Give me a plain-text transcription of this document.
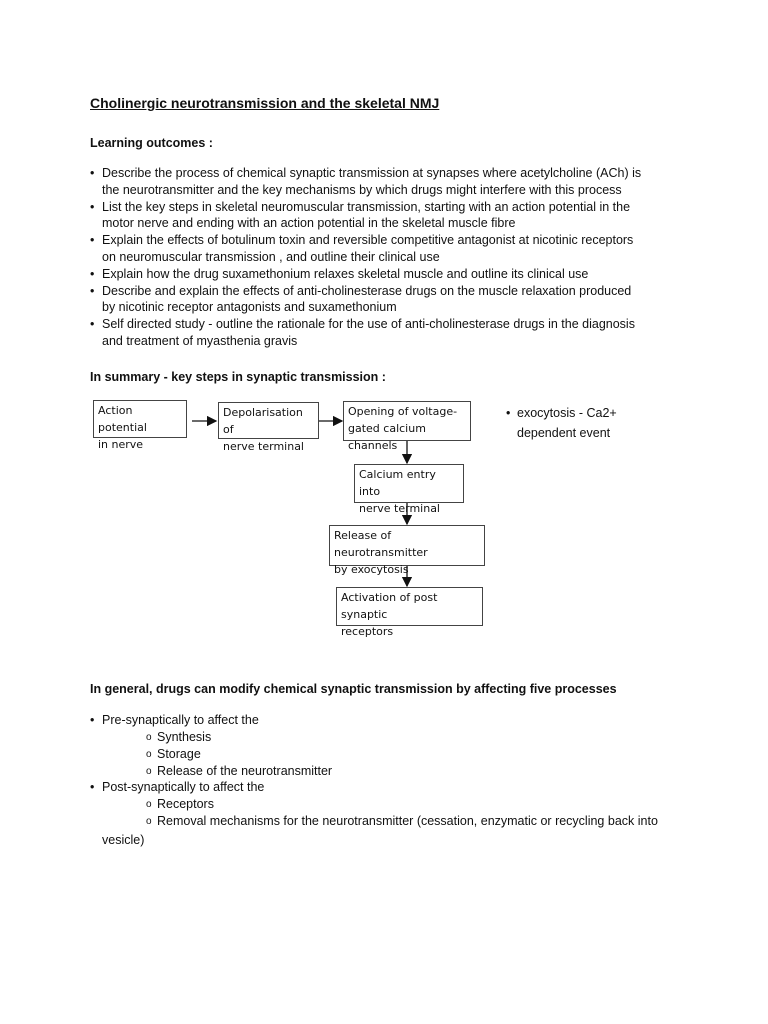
Cholinergic neurotransmission and the skeletal NMJ
Learning outcomes :
• Describe the process of chemical synaptic transmission at synapses where acetylcholine (ACh) is
the neurotransmitter and the key mechanisms by which drugs might interfere with this process
• List the key steps in skeletal neuromuscular transmission, starting with an action potential in the
motor nerve and ending with an action potential in the skeletal muscle fibre
• Explain the effects of botulinum toxin and reversible competitive antagonist at nicotinic receptors
on neuromuscular transmission , and outline their clinical use
• Explain how the drug suxamethonium relaxes skeletal muscle and outline its clinical use
• Describe and explain the effects of anti-cholinesterase drugs on the muscle relaxation produced
by nicotinic receptor antagonists and suxamethonium
• Self directed study - outline the rationale for the use of anti-cholinesterase drugs in the diagnosis
and treatment of myasthenia gravis
In summary - key steps in synaptic transmission :
Action potential
in nerve
Depolarisation of
nerve terminal
Opening of voltage-
gated calcium channels
Calcium entry into
nerve terminal
Release of neurotransmitter
by exocytosis
Activation of post synaptic
receptors
• exocytosis - Ca2+
dependent event
In general, drugs can modify chemical synaptic transmission by affecting five processes
• Pre-synaptically to affect the
o Synthesis
o Storage
o Release of the neurotransmitter
• Post-synaptically to affect the
o Receptors
o Removal mechanisms for the neurotransmitter (cessation, enzymatic or recycling back into
vesicle)
